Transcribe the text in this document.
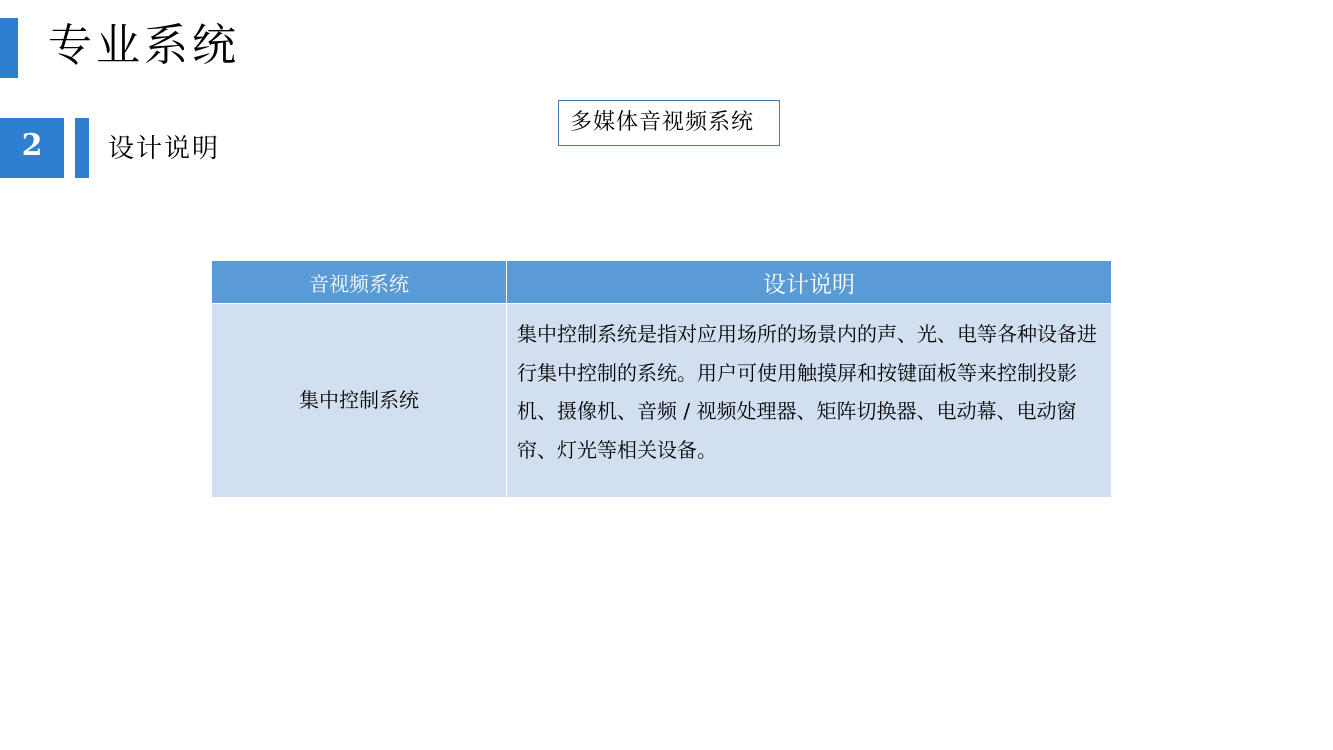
专业系统
2	设计说明
多媒体音视频系统
音视频系统	设计说明

集中控制系统	集中控制系统是指对应用场所的场景内的声、光、电等各种设备进行集中控制的系统。用户可使用触摸屏和按键面板等来控制投影机、摄像机、音频 / 视频处理器、矩阵切换器、电动幕、电动窗帘、灯光等相关设备。
